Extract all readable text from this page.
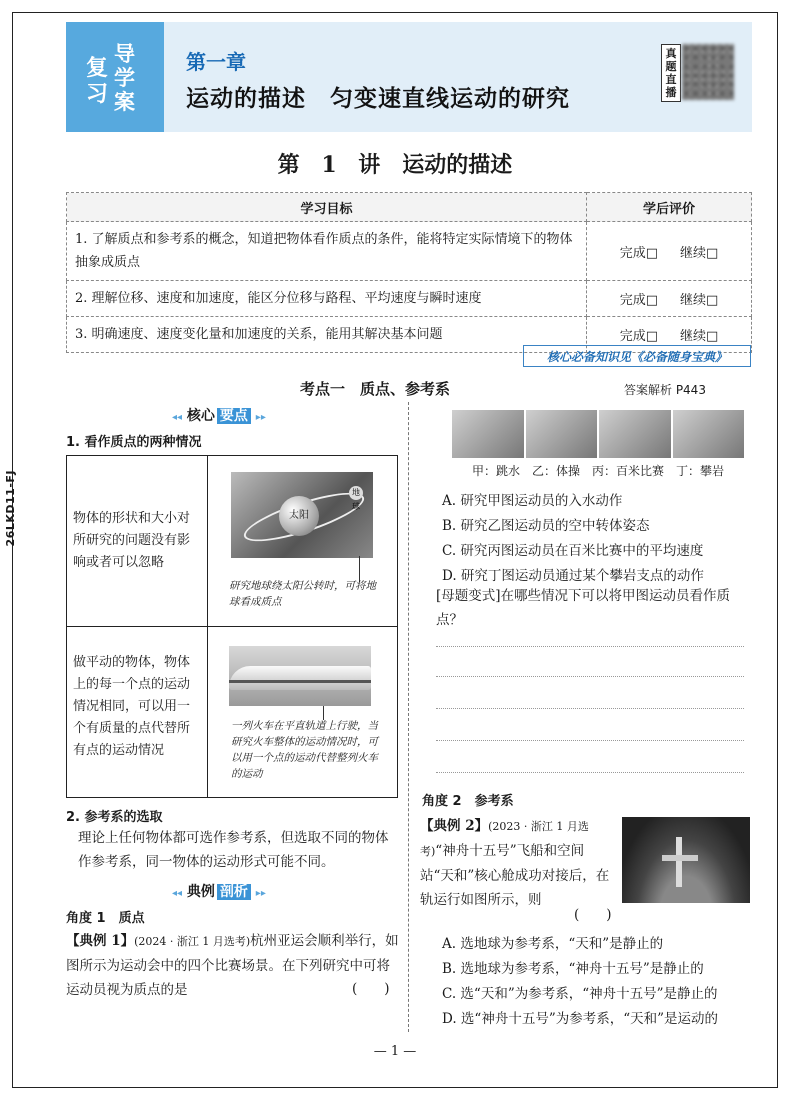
26LKD11-FJ
复习
导学案
第一章
运动的描述　匀变速直线运动的研究
真题直播
第 1 讲　运动的描述
学习目标	学后评价
1. 了解质点和参考系的概念，知道把物体看作质点的条件，能将特定实际情境下的物体抽象成质点	完成□ 继续□
2. 理解位移、速度和加速度，能区分位移与路程、平均速度与瞬时速度	完成□ 继续□
3. 明确速度、速度变化量和加速度的关系，能用其解决基本问题	完成□ 继续□
核心必备知识见《必备随身宝典》
考点一　质点、参考系	答案解析 P443
◂◂ 核心 要点 ▸▸
1. 看作质点的两种情况
物体的形状和大小对所研究的问题没有影响或者可以忽略
太阳
地球
研究地球绕太阳公转时，可将地球看成质点
做平动的物体，物体上的每一个点的运动情况相同，可以用一个有质量的点代替所有点的运动情况
一列火车在平直轨道上行驶，当研究火车整体的运动情况时，可以用一个点的运动代替整列火车的运动
2. 参考系的选取
理论上任何物体都可选作参考系，但选取不同的物体作参考系，同一物体的运动形式可能不同。
◂◂ 典例 剖析 ▸▸
角度 1　质点
【典例 1】(2024 · 浙江 1 月选考)杭州亚运会顺利举行，如图所示为运动会中的四个比赛场景。在下列研究中可将运动员视为质点的是	(　　)
甲：跳水　乙：体操　丙：百米比赛　丁：攀岩
A. 研究甲图运动员的入水动作
B. 研究乙图运动员的空中转体姿态
C. 研究丙图运动员在百米比赛中的平均速度
D. 研究丁图运动员通过某个攀岩支点的动作
[母题变式]在哪些情况下可以将甲图运动员看作质点？
角度 2　参考系
【典例 2】(2023 · 浙江 1 月选考)“神舟十五号”飞船和空间站“天和”核心舱成功对接后，在轨运行如图所示，则
(　　)
A. 选地球为参考系，“天和”是静止的
B. 选地球为参考系，“神舟十五号”是静止的
C. 选“天和”为参考系，“神舟十五号”是静止的
D. 选“神舟十五号”为参考系，“天和”是运动的
— 1 —
